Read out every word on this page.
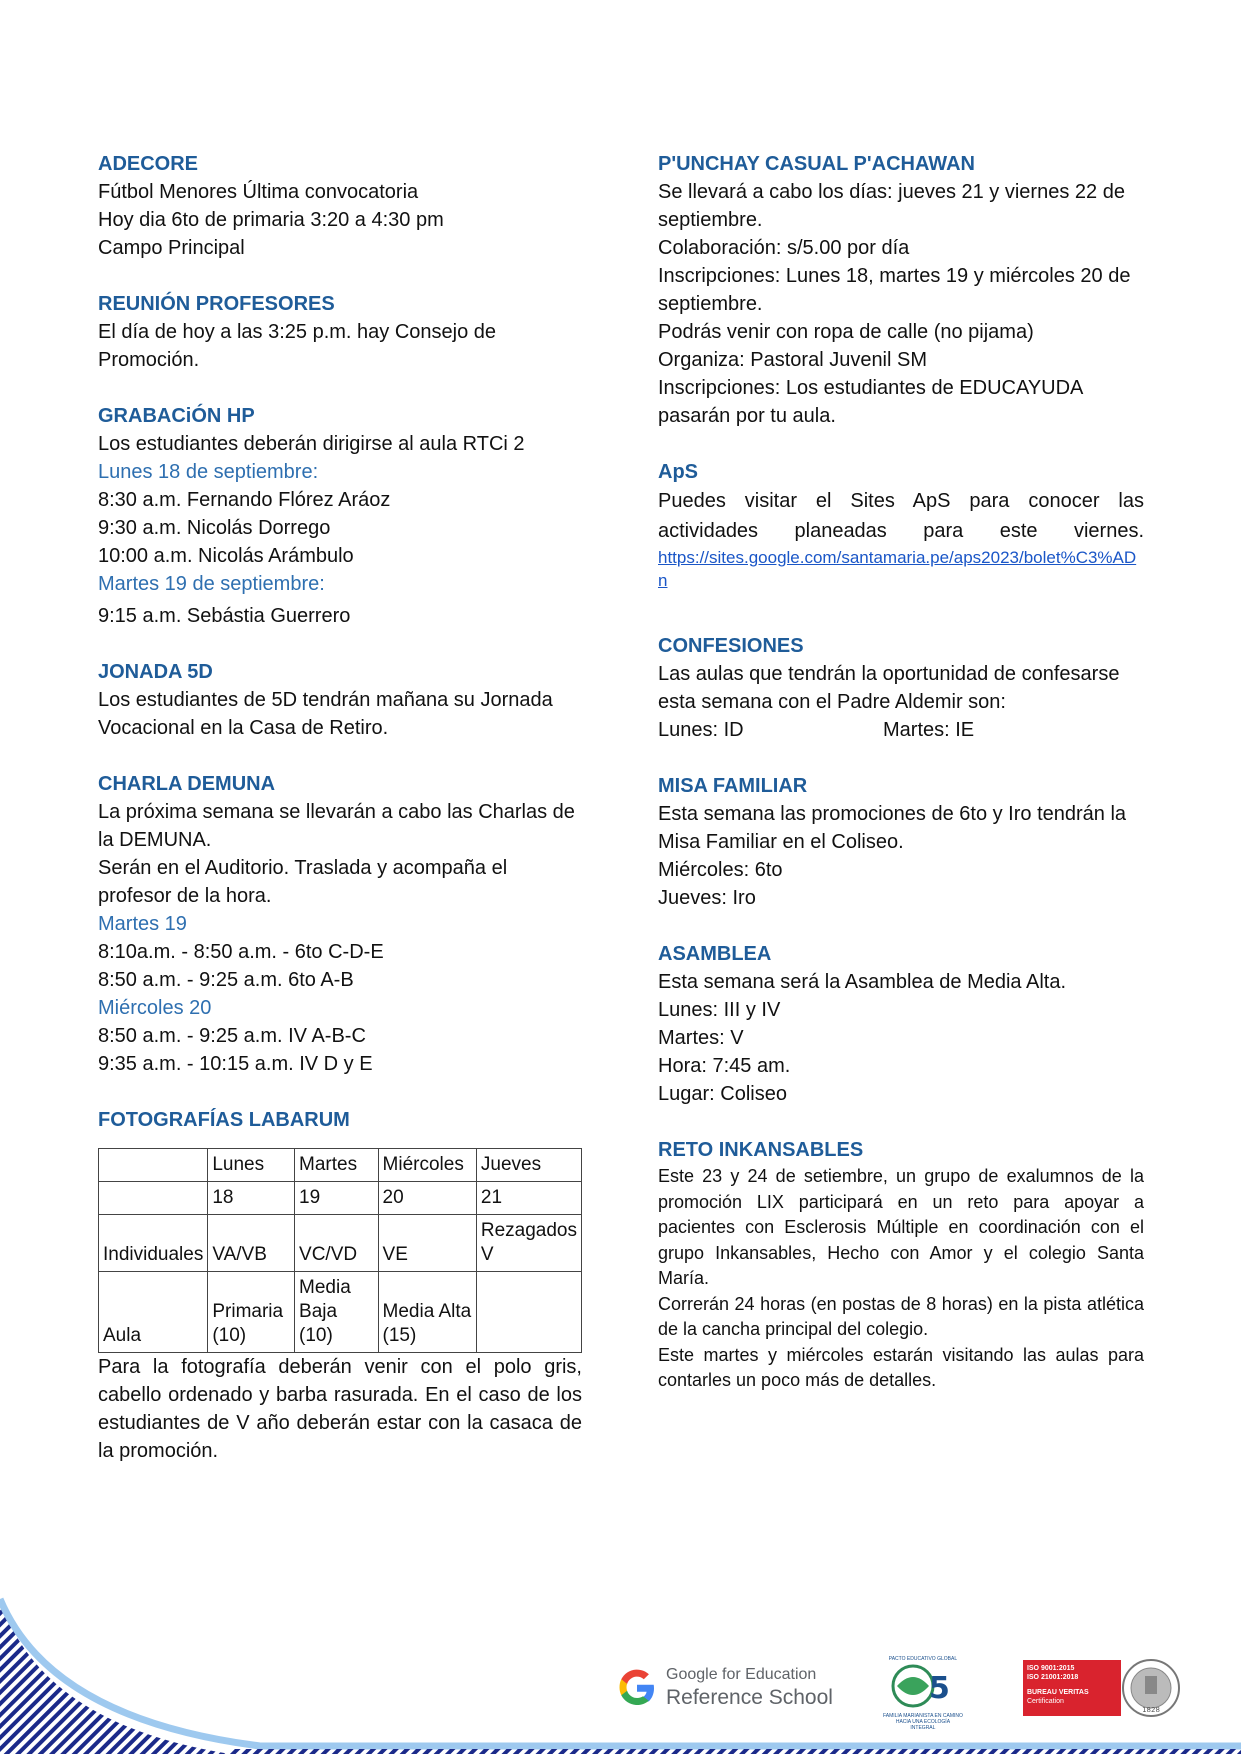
ADECORE
Fútbol Menores Última convocatoria
Hoy dia 6to de primaria 3:20 a 4:30 pm
Campo Principal
REUNIÓN PROFESORES
El día de hoy a las 3:25 p.m. hay Consejo de Promoción.
GRABACiÓN HP
Los estudiantes deberán dirigirse al aula RTCi 2
Lunes 18 de septiembre:
8:30 a.m. Fernando Flórez Aráoz
9:30 a.m. Nicolás Dorrego
10:00 a.m. Nicolás Arámbulo
Martes 19 de septiembre:
9:15 a.m. Sebástia Guerrero
JONADA 5D
Los estudiantes de 5D tendrán mañana su Jornada Vocacional en la Casa de Retiro.
CHARLA DEMUNA
La próxima semana se llevarán a cabo las Charlas de la DEMUNA.
Serán en el Auditorio. Traslada y acompaña el profesor de la hora.
Martes 19
8:10a.m. - 8:50 a.m. - 6to C-D-E
8:50 a.m. - 9:25 a.m. 6to A-B
Miércoles 20
8:50 a.m. - 9:25 a.m. IV A-B-C
9:35 a.m. - 10:15 a.m. IV D y E
FOTOGRAFÍAS LABARUM
	Lunes	Martes	Miércoles	Jueves
	18	19	20	21
Individuales	VA/VB	VC/VD	VE	Rezagados V
Aula	Primaria (10)	Media Baja (10)	Media Alta (15)	
Para la fotografía deberán venir con el polo gris, cabello ordenado y barba rasurada. En el caso de los estudiantes de V año deberán estar con la casaca de la promoción.
P'UNCHAY CASUAL P'ACHAWAN
Se llevará a cabo los días: jueves 21 y viernes 22 de septiembre.
Colaboración: s/5.00 por día
Inscripciones: Lunes 18, martes 19 y miércoles 20 de septiembre.
Podrás venir con ropa de calle (no pijama)
Organiza: Pastoral Juvenil SM
Inscripciones: Los estudiantes de EDUCAYUDA pasarán por tu aula.
ApS
Puedes visitar el Sites ApS para conocer las actividades planeadas para este viernes.
https://sites.google.com/santamaria.pe/aps2023/bolet%C3%ADn
CONFESIONES
Las aulas que tendrán la oportunidad de confesarse esta semana con el Padre Aldemir son:
Lunes: ID	Martes: IE
MISA FAMILIAR
Esta semana las promociones de 6to y Iro tendrán la Misa Familiar en el Coliseo.
Miércoles: 6to
Jueves: Iro
ASAMBLEA
Esta semana será la Asamblea de Media Alta.
Lunes: III y IV
Martes: V
Hora: 7:45 am.
Lugar: Coliseo
RETO INKANSABLES
Este 23 y 24 de setiembre, un grupo de exalumnos de la promoción LIX participará en un reto para apoyar a pacientes con Esclerosis Múltiple en coordinación con el grupo Inkansables, Hecho con Amor y el colegio Santa María.
Correrán 24 horas (en postas de 8 horas) en la pista atlética de la cancha principal del colegio.
Este martes y miércoles estarán visitando las aulas para contarles un poco más de detalles.
Google for Education
Reference School
PACTO EDUCATIVO GLOBAL
5
FAMILIA MARIANISTA EN CAMINO HACIA UNA ECOLOGÍA INTEGRAL
ISO 9001:2015
ISO 21001:2018
BUREAU VERITAS
Certification
1828
